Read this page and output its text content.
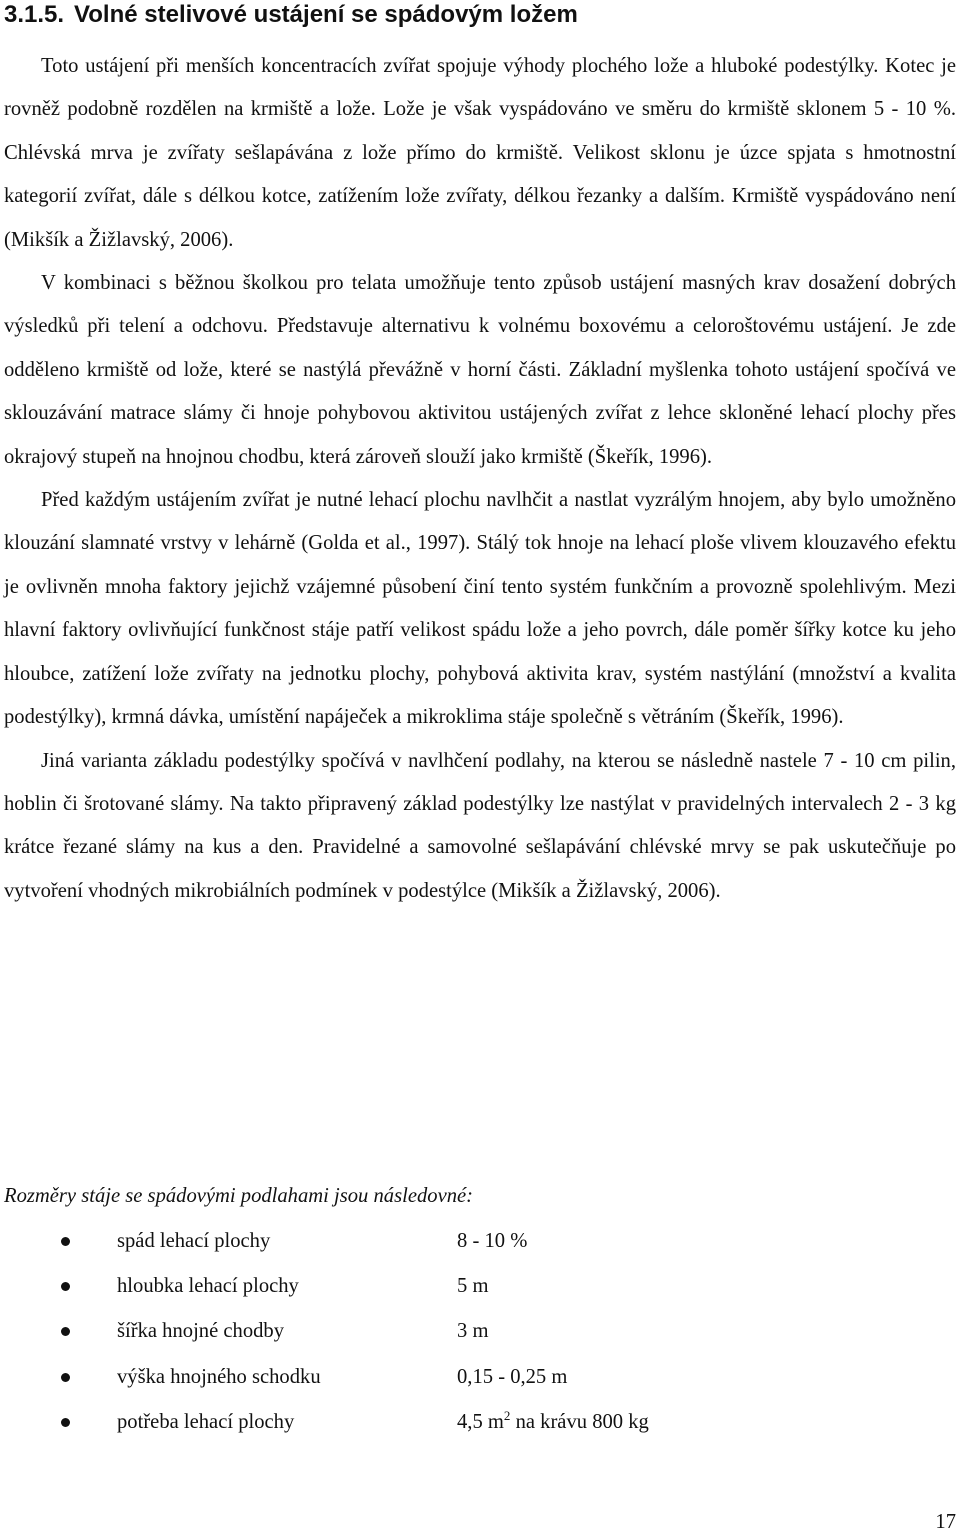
3.1.5. Volné stelivové ustájení se spádovým ložem

Toto ustájení při menších koncentracích zvířat spojuje výhody plochého lože a hluboké podestýlky. Kotec je rovněž podobně rozdělen na krmiště a lože. Lože je však vyspádováno ve směru do krmiště sklonem 5 - 10 %. Chlévská mrva je zvířaty sešlapávána z lože přímo do krmiště. Velikost sklonu je úzce spjata s hmotnostní kategorií zvířat, dále s délkou kotce, zatížením lože zvířaty, délkou řezanky a dalším. Krmiště vyspádováno není (Mikšík a Žižlavský, 2006).

V kombinaci s běžnou školkou pro telata umožňuje tento způsob ustájení masných krav dosažení dobrých výsledků při telení a odchovu. Představuje alternativu k volnému boxovému a celoroštovému ustájení. Je zde odděleno krmiště od lože, které se nastýlá převážně v horní části. Základní myšlenka tohoto ustájení spočívá ve sklouzávání matrace slámy či hnoje pohybovou aktivitou ustájených zvířat z lehce skloněné lehací plochy přes okrajový stupeň na hnojnou chodbu, která zároveň slouží jako krmiště (Škeřík, 1996).

Před každým ustájením zvířat je nutné lehací plochu navlhčit a nastlat vyzrálým hnojem, aby bylo umožněno klouzání slamnaté vrstvy v lehárně (Golda et al., 1997). Stálý tok hnoje na lehací ploše vlivem klouzavého efektu je ovlivněn mnoha faktory jejichž vzájemné působení činí tento systém funkčním a provozně spolehlivým. Mezi hlavní faktory ovlivňující funkčnost stáje patří velikost spádu lože a jeho povrch, dále poměr šířky kotce ku jeho hloubce, zatížení lože zvířaty na jednotku plochy, pohybová aktivita krav, systém nastýlání (množství a kvalita podestýlky), krmná dávka, umístění napáječek a mikroklima stáje společně s větráním (Škeřík, 1996).

Jiná varianta základu podestýlky spočívá v navlhčení podlahy, na kterou se následně nastele 7 - 10 cm pilin, hoblin či šrotované slámy. Na takto připravený základ podestýlky lze nastýlat v pravidelných intervalech 2 - 3 kg krátce řezané slámy na kus a den. Pravidelné a samovolné sešlapávání chlévské mrvy se pak uskutečňuje po vytvoření vhodných mikrobiálních podmínek v podestýlce (Mikšík a Žižlavský, 2006).

Rozměry stáje se spádovými podlahami jsou následovné:
spád lehací plochy	8 - 10 %
hloubka lehací plochy	5 m
šířka hnojné chodby	3 m
výška hnojného schodku	0,15 - 0,25 m
potřeba lehací plochy	4,5 $m^2$ na krávu 800 kg
17
